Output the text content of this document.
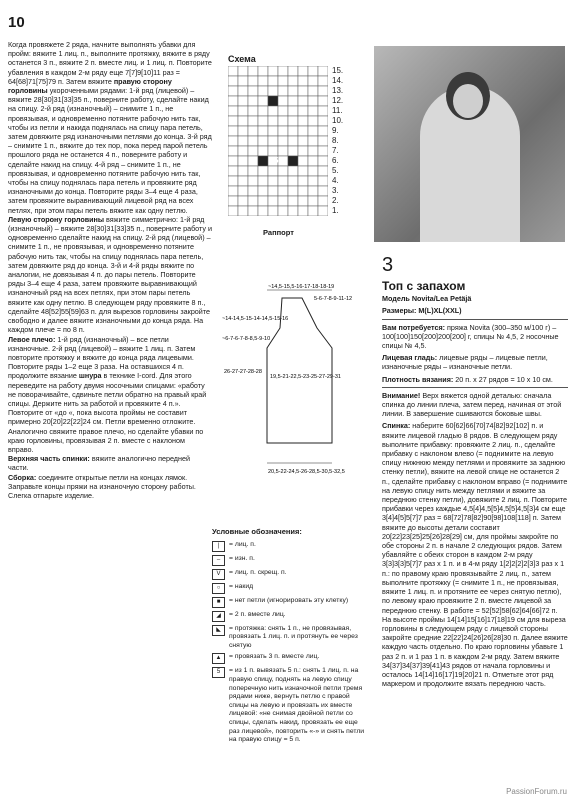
10

Когда провяжете 2 ряда, начните выполнять убавки для пройм: вяжите 1 лиц. п., выполните протяжку, вяжите в ряду останется 3 п., вяжите 2 п. вместе лиц. и 1 лиц. п. Повторите убавления в каждом 2-м ряду еще 7[7]9[10]11 раз = 64[68]71[75]79 п. Затем вяжите правую сторону горловины укороченными рядами: 1-й ряд (лицевой) – вяжите 28[30]31[33]35 п., поверните работу, сделайте накид на спицу. 2-й ряд (изнаночный) – снимите 1 п., не провязывая, и одновременно потяните рабочую нить так, чтобы из петли и накида поднялась на спицу пара петель, затем довяжите ряд изнаночными петлями до конца. 3-й ряд – снимите 1 п., вяжите до тех пор, пока перед парой петель прошлого ряда не останется 4 п., поверните работу и сделайте накид на спицу. 4-й ряд – снимите 1 п., не провязывая, и одновременно потяните рабочую нить так, чтобы на спицу поднялась пара петель и провяжите ряд изнаночными до конца. Повторите ряды 3–4 еще 4 раза, затем провяжите выравнивающий лицевой ряд на всех петлях, при этом пары петель вяжите как одну петлю.

Левую сторону горловины вяжите симметрично: 1-й ряд (изнаночный) – вяжите 28[30]31[33]35 п., поверните работу и одновременно сделайте накид на спицу. 2-й ряд (лицевой) – снимите 1 п., не провязывая, и одновременно потяните рабочую нить так, чтобы на спицу поднялась пара петель, затем довяжите ряд до конца. 3-й и 4-й ряды вяжите по аналогии, не довязывая 4 п. до пары петель. Повторите ряды 3–4 еще 4 раза, затем провяжите выравнивающий изнаночный ряд на всех петлях, при этом пары петель вяжите как одну петлю. В следующем ряду провяжите 8 п., сделайте 48[52]55[59]63 п. для вырезов горловины закройте свободно и далее вяжите изнаночными до конца ряда. На каждом плече = по 8 п.

Левое плечо: 1-й ряд (изнаночный) – все петли изнаночные. 2-й ряд (лицевой) – вяжите 1 лиц. п. Затем повторите протяжку и вяжите до конца ряда лицевыми. Повторите ряды 1–2 еще 3 раза. На оставшихся 4 п. продолжите вязание шнура в технике I-cord. Для этого переведите на работу двумя носочными спицами: «работу не поворачивайте, сдвиньте петли обратно на правый край спицы. Держите нить за работой и провяжите 4 п.». Повторите от «до «, пока высота проймы не составит примерно 20[20]22[22]24 см. Петли временно отложите. Аналогично свяжите правое плечо, но сделайте убавки по краю горловины, провязывая 2 п. вместе с наклоном вправо.

Верхняя часть спинки: вяжите аналогично передней части.

Сборка: соедините открытые петли на концах лямок. Заправьте концы пряжи на изнаночную сторону работы. Слегка отпарьте изделие.

Схема
5
15.
14.
13.
12.
11.
10.
9.
8.
7.
6.
5.
4.
3.
2.
1.
Раппорт
~14,5-15,5-16-17-18-18-19
~14-14,5-15-14-14,5-15-16
5-6-7-8-9-11-12
~6-7-6-7-8-8,5-9-10
26-27-27-28-28
19,5-21-22,5-23-25-27-29-31
20,5-22-24,5-26-28,5-30,5-32,5
Условные обозначения:
|	= лиц. п.
–	= изн. п.
V	= лиц. п. скрещ. п.
○	= накид
■	= нет петли (игнорировать эту клетку)
◢	= 2 п. вместе лиц.
◣	= протяжка: снять 1 п., не провязывая, провязать 1 лиц. п. и протянуть ее через снятую
▲	= провязать 3 п. вместе лиц.
5	= из 1 п. вывязать 5 п.: снять 1 лиц. п. на правую спицу, поднять на левую спицу поперечную нить изначочной петли тремя рядами ниже, вернуть петлю с правой спицы на левую и провязать их вместе лицевой: «не снимая двойной петли со спицы, сделать накид, провязать ее еще раз лицевой», повторить «-» и снять петли на правую спицу = 5 п.
3
Топ с запахом

Модель Novita/Lea Petäjä

Размеры: M(L)XL(XXL)

Вам потребуется: пряжа Novita (300–350 м/100 г) – 100[100]150[200]200[200] г, спицы № 4,5, 2 носочные спицы № 4,5.

Лицевая гладь: лицевые ряды – лицевые петли, изнаночные ряды – изнаночные петли.

Плотность вязания: 20 п. х 27 рядов = 10 х 10 см.

Внимание! Верх вяжется одной деталью: сначала спинка до линии плеча, затем перед, начиная от этой линии. В завершение сшиваются боковые швы.

Спинка: наберите 60[62]66[70]74[82]92[102] п. и вяжите лицевой гладью 8 рядов. В следующем ряду выполните прибавку: провяжите 2 лиц. п., сделайте прибавку с наклоном влево (= поднимите на левую спицу нижнюю между петлями и провяжите за заднюю стенку петли), вяжите на левой спице не останется 2 п., сделайте прибавку с наклоном вправо (= поднимите на левую спицу нить между петлями и вяжите за переднюю стенку петли), довяжите 2 лиц. п. Повторите прибавки через каждые 4,5[4]4,5[5]4,5[5]4,5[3]4 см еще 3[4]4[5]5[7]7 раз = 68[72]78[82]90[98]108[118] п. Затем вяжите до высоты детали составит 20[22]23[25]25[26]28[29] см, для проймы закройте по обе стороны 2 п. в начале 2 следующих рядов. Затем убавляйте с обеих сторон в каждом 2-м ряду 3[3]3[3]5[7]7 раз х 1 п. и в 4-м ряду 1[2]2[2]2[3]3 раз х 1 п.: по правому краю провязывайте 2 лиц. п., затем выполните протяжку (= снимите 1 п., не провязывая, вяжите 1 лиц. п. и протяните ее через снятую петлю), по левому краю провяжите 2 п. вместе лицевой за переднюю стенку. В работе = 52[52]58[62]64[66]72 п. На высоте проймы 14[14]15[16]17[18]19 см для выреза горловины в следующем ряду с лицевой стороны закройте средние 22[22]24[26]26[28]30 п. Далее вяжите каждую часть отдельно. По краю горловины убавьте 1 раз 2 п. и 1 раз 1 п. в каждом 2-м ряду. Затем вяжите 34[37]34[37]39[41]43 рядов от начала горловины и осталось 14[14]16[17]19[20]21 п. Отметьте этот ряд маркером и продолжите вязать переднюю часть.

PassionForum.ru
